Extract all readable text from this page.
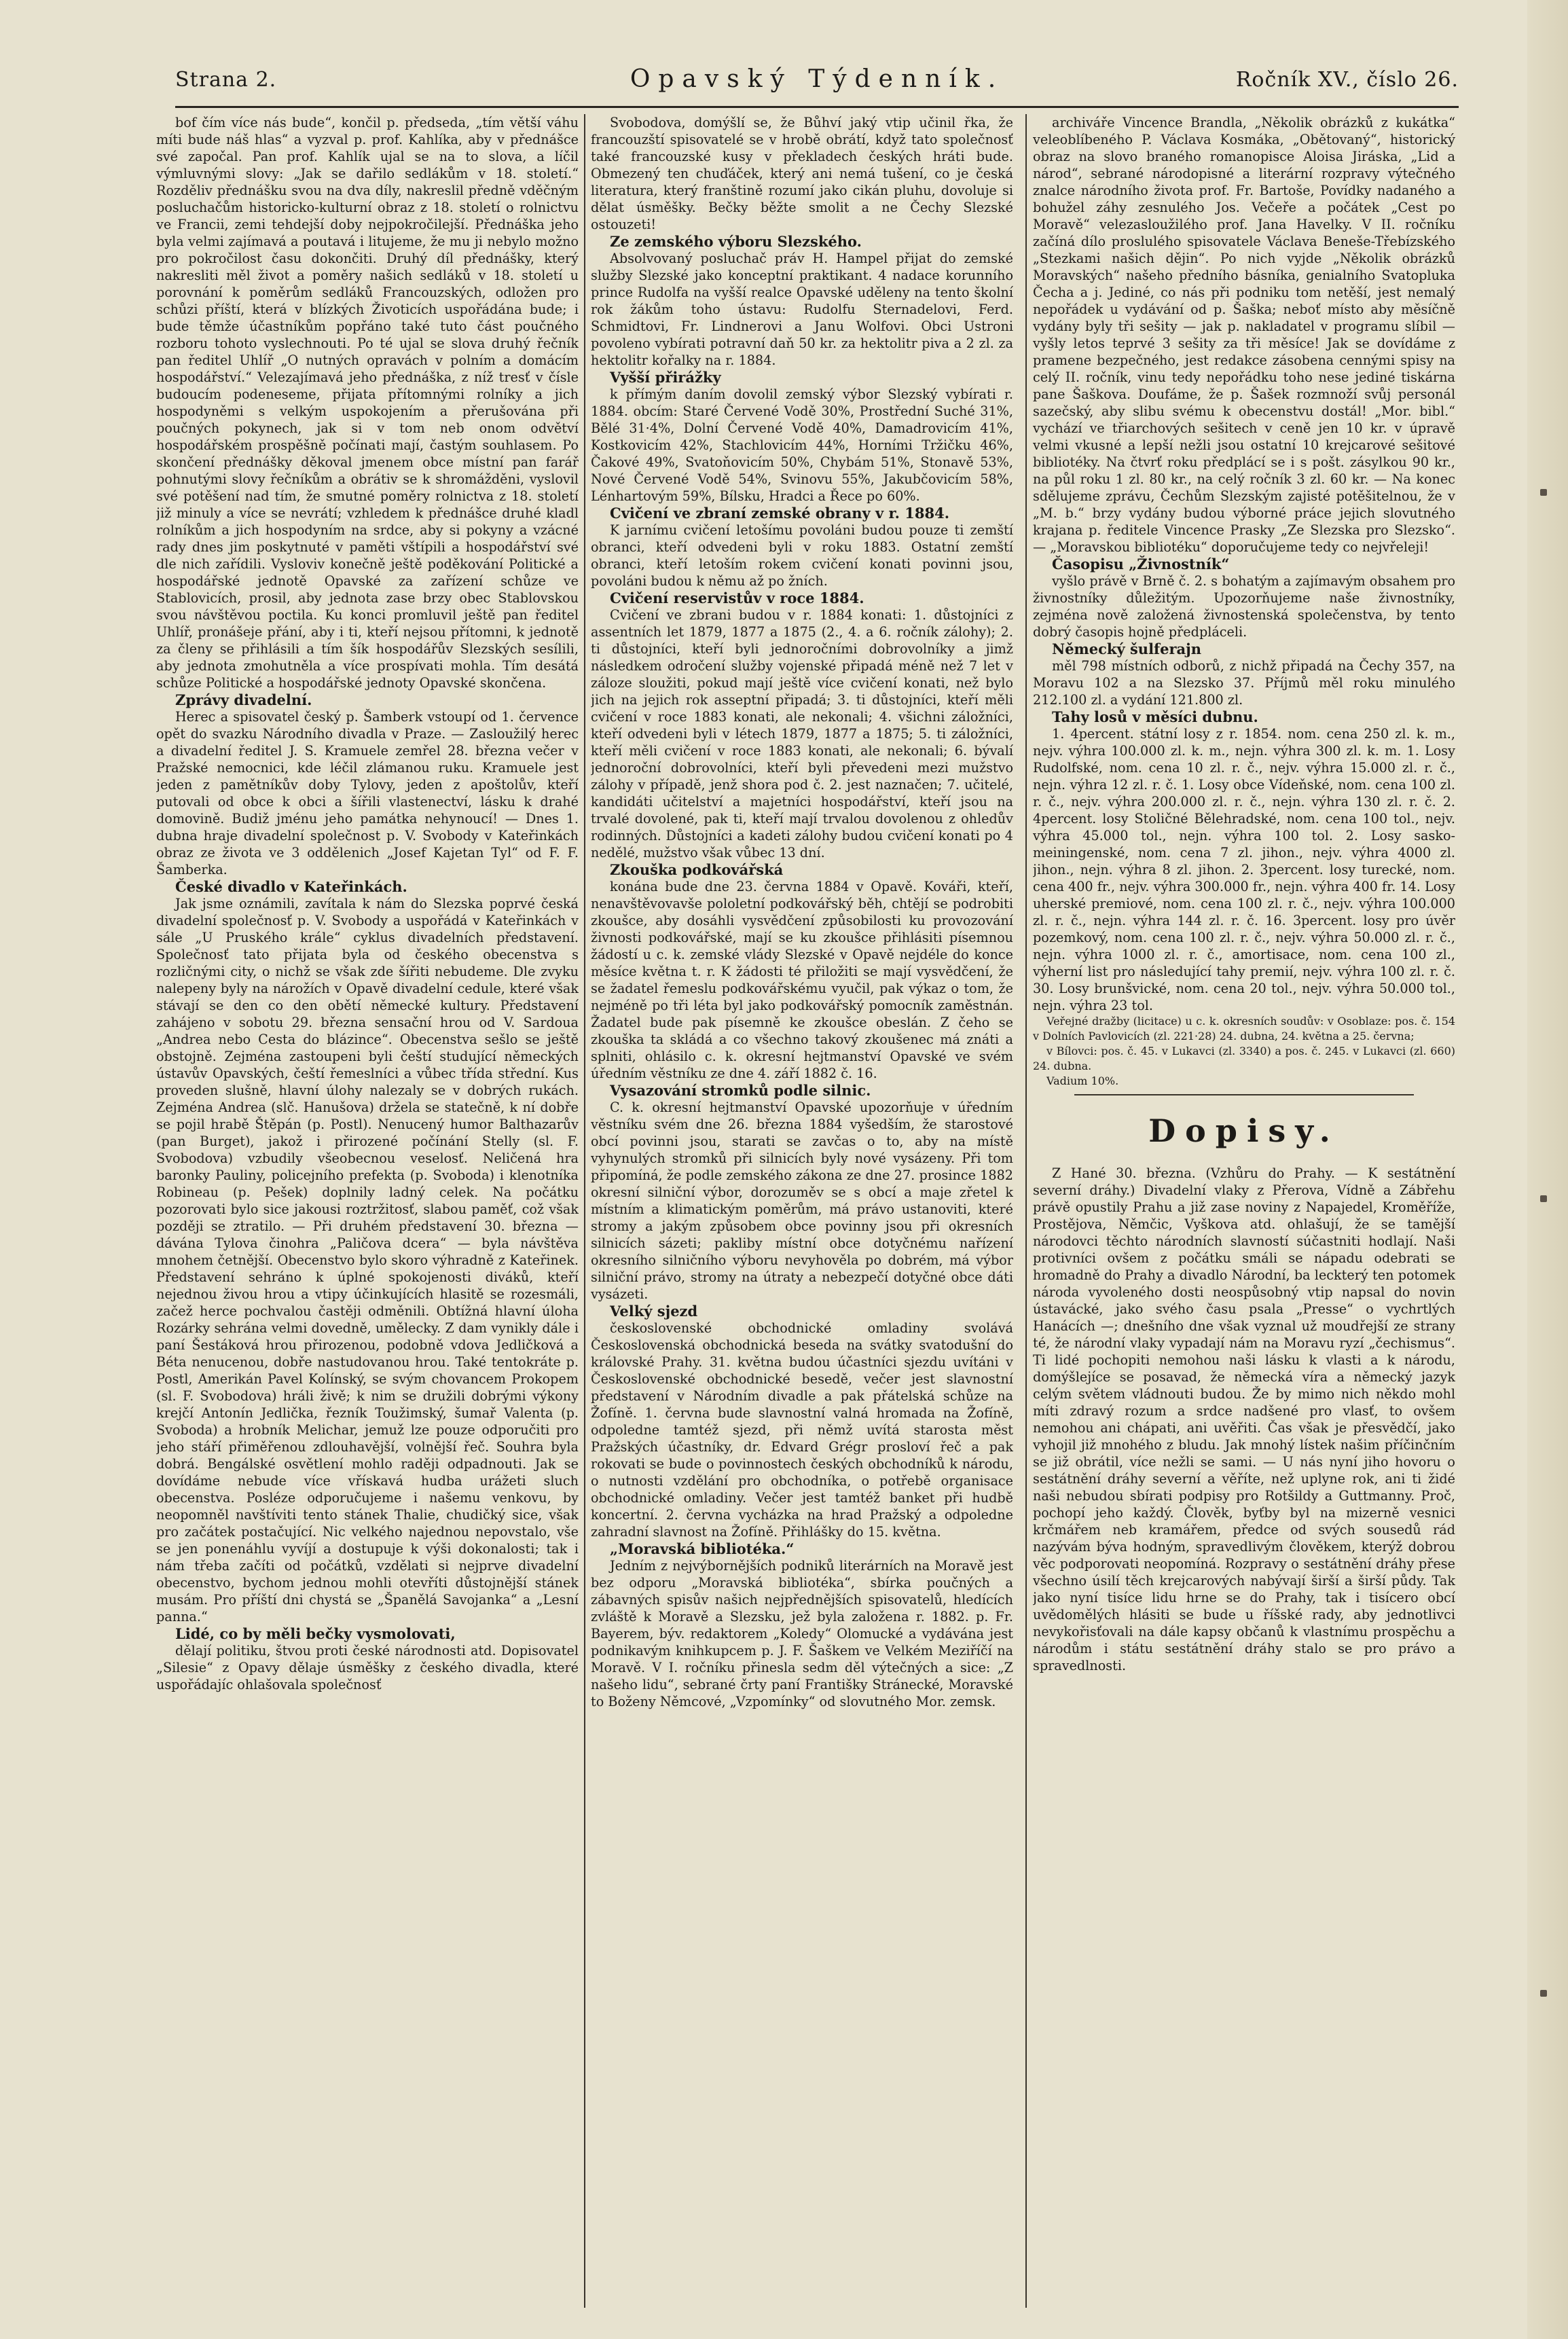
Strana 2.	Opavský Týdenník.	Ročník XV., číslo 26.

bof čím více nás bude“, končil p. předseda, „tím větší váhu míti bude náš hlas“ a vyzval p. prof. Kahlíka, aby v přednášce své započal. Pan prof. Kahlík ujal se na to slova, a líčil výmluvnými slovy: „Jak se dařilo sedlákům v 18. století.“ Rozděliv přednášku svou na dva díly, nakreslil předně vděčným posluchačům historicko-kulturní obraz z 18. století o rolnictvu ve Francii, zemi tehdejší doby nejpokročilejší. Přednáška jeho byla velmi zajímavá a poutavá i litujeme, že mu ji nebylo možno pro pokročilost času dokončiti. Druhý díl přednášky, který nakresliti měl život a poměry našich sedláků v 18. století u porovnání k poměrům sedláků Francouzských, odložen pro schůzi příští, která v blízkých Životicích uspořádána bude; i bude těmže účastníkům popřáno také tuto část poučného rozboru tohoto vyslechnouti. Po té ujal se slova druhý řečník pan ředitel Uhlíř „O nutných opravách v polním a domácím hospodářství.“ Velezajímavá jeho přednáška, z níž tresť v čísle budoucím podeneseme, přijata přítomnými rolníky a jich hospodyněmi s velkým uspokojením a přerušována při poučných pokynech, jak si v tom neb onom odvětví hospodářském prospěšně počínati mají, častým souhlasem. Po skončení přednášky děkoval jmenem obce místní pan farář pohnutými slovy řečníkům a obrátiv se k shromážděni, vyslovil své potěšení nad tím, že smutné poměry rolnictva z 18. století již minuly a více se nevrátí; vzhledem k přednášce druhé kladl rolníkům a jich hospodyním na srdce, aby si pokyny a vzácné rady dnes jim poskytnuté v paměti vštípili a hospodářství své dle nich zařídili. Vysloviv konečně ještě poděkování Politické a hospodářské jednotě Opavské za zařízení schůze ve Stablovicích, prosil, aby jednota zase brzy obec Stablovskou svou návštěvou poctila. Ku konci promluvil ještě pan ředitel Uhlíř, pronášeje přání, aby i ti, kteří nejsou přítomni, k jednotě za členy se přihlásili a tím šík hospodářův Slezských sesílili, aby jednota zmohutněla a více prospívati mohla. Tím desátá schůze Politické a hospodářské jednoty Opavské skončena.

Zprávy divadelní.

Herec a spisovatel český p. Šamberk vstoupí od 1. července opět do svazku Národního divadla v Praze. — Zasloužilý herec a divadelní ředitel J. S. Kramuele zemřel 28. března večer v Pražské nemocnici, kde léčil zlámanou ruku. Kramuele jest jeden z pamětníkův doby Tylovy, jeden z apoštolův, kteří putovali od obce k obci a šířili vlastenectví, lásku k drahé domovině. Budiž jménu jeho památka nehynoucí! — Dnes 1. dubna hraje divadelní společnost p. V. Svobody v Kateřinkách obraz ze života ve 3 oddělenich „Josef Kajetan Tyl“ od F. F. Šamberka.

České divadlo v Kateřinkách.

Jak jsme oznámili, zavítala k nám do Slezska poprvé česká divadelní společnosť p. V. Svobody a uspořádá v Kateřinkách v sále „U Pruského krále“ cyklus divadelních představení. Společnosť tato přijata byla od českého obecenstva s rozličnými city, o nichž se však zde šířiti nebudeme. Dle zvyku nalepeny byly na nárožích v Opavě divadelní cedule, které však stávají se den co den obětí německé kultury. Představení zahájeno v sobotu 29. března sensační hrou od V. Sardoua „Andrea nebo Cesta do blázince“. Obecenstva sešlo se ještě obstojně. Zejména zastoupeni byli čeští studující německých ústavův Opavských, čeští řemeslníci a vůbec třída střední. Kus proveden slušně, hlavní úlohy nalezaly se v dobrých rukách. Zejména Andrea (slč. Hanušova) držela se statečně, k ní dobře se pojil hrabě Štěpán (p. Postl). Nenucený humor Balthazarův (pan Burget), jakož i přirozené počínání Stelly (sl. F. Svobodova) vzbudily všeobecnou veselosť. Neličená hra baronky Pauliny, policejního prefekta (p. Svoboda) i klenotníka Robineau (p. Pešek) doplnily ladný celek. Na počátku pozorovati bylo sice jakousi roztržitosť, slabou paměť, což však později se ztratilo. — Při druhém představení 30. března — dávána Tylova činohra „Paličova dcera“ — byla návštěva mnohem četnější. Obecenstvo bylo skoro výhradně z Kateřinek. Představení sehráno k úplné spokojenosti diváků, kteří nejednou živou hrou a vtipy účinkujících hlasitě se rozesmáli, začež herce pochvalou častěji odměnili. Obtížná hlavní úloha Rozárky sehrána velmi dovedně, umělecky. Z dam vynikly dále i paní Šestáková hrou přirozenou, podobně vdova Jedličková a Béta nenucenou, dobře nastudovanou hrou. Také tentokráte p. Postl, Amerikán Pavel Kolínský, se svým chovancem Prokopem (sl. F. Svobodova) hráli živě; k nim se družili dobrými výkony krejčí Antonín Jedlička, řezník Toužimský, šumař Valenta (p. Svoboda) a hrobník Melichar, jemuž lze pouze odporučiti pro jeho stáří přiměřenou zdlouhavější, volnější řeč. Souhra byla dobrá. Bengálské osvětlení mohlo raději odpadnouti. Jak se dovídáme nebude více vřískavá hudba urážeti sluch obecenstva. Posléze odporučujeme i našemu venkovu, by neopomněl navštíviti tento stánek Thalie, chudičký sice, však pro začátek postačující. Nic velkého najednou nepovstalo, vše se jen ponenáhlu vyvíjí a dostupuje k výši dokonalosti; tak i nám třeba začíti od počátků, vzdělati si nejprve divadelní obecenstvo, bychom jednou mohli otevříti důstojnější stánek musám. Pro příští dni chystá se „Španělá Savojanka“ a „Lesní panna.“

Lidé, co by měli bečky vysmolovati,

dělají politiku, štvou proti české národnosti atd. Dopisovatel „Silesie“ z Opavy dělaje úsměšky z českého divadla, které uspořádajíc ohlašovala společnosť

Svobodova, domýšlí se, že Bůhví jaký vtip učinil řka, že francouzští spisovatelé se v hrobě obrátí, když tato společnosť také francouzské kusy v překladech českých hráti bude. Obmezený ten chuďáček, který ani nemá tušení, co je česká literatura, který franštině rozumí jako cikán pluhu, dovoluje si dělat úsměšky. Bečky běžte smolit a ne Čechy Slezské ostouzeti!

Ze zemského výboru Slezského.

Absolvovaný posluchač práv H. Hampel přijat do zemské služby Slezské jako konceptní praktikant. 4 nadace korunního prince Rudolfa na vyšší realce Opavské uděleny na tento školní rok žákům toho ústavu: Rudolfu Sternadelovi, Ferd. Schmidtovi, Fr. Lindnerovi a Janu Wolfovi. Obci Ustroni povoleno vybírati potravní daň 50 kr. za hektolitr piva a 2 zl. za hektolitr kořalky na r. 1884.

Vyšší přirážky

k přímým daním dovolil zemský výbor Slezský vybírati r. 1884. obcím: Staré Červené Vodě 30%, Prostřední Suché 31%, Bělé 31·4%, Dolní Červené Vodě 40%, Damadrovicím 41%, Kostkovicím 42%, Stachlovicím 44%, Horními Tržičku 46%, Čakové 49%, Svatoňovicím 50%, Chybám 51%, Stonavě 53%, Nové Červené Vodě 54%, Svinovu 55%, Jakubčovicím 58%, Lénhartovým 59%, Bílsku, Hradci a Řece po 60%.

Cvičení ve zbraní zemské obrany v r. 1884.

K jarnímu cvičení letošímu povoláni budou pouze ti zemští obranci, kteří odvedeni byli v roku 1883. Ostatní zemští obranci, kteří letoším rokem cvičení konati povinni jsou, povoláni budou k němu až po žních.

Cvičení reservistův v roce 1884.

Cvičení ve zbrani budou v r. 1884 konati: 1. důstojníci z assentních let 1879, 1877 a 1875 (2., 4. a 6. ročník zálohy); 2. ti důstojníci, kteří byli jednoročními dobrovolníky a jimž následkem odročení služby vojenské připadá méně než 7 let v záloze sloužiti, pokud mají ještě více cvičení konati, než bylo jich na jejich rok asseptní připadá; 3. ti důstojníci, kteří měli cvičení v roce 1883 konati, ale nekonali; 4. všichni záložníci, kteří odvedeni byli v létech 1879, 1877 a 1875; 5. ti záložníci, kteří měli cvičení v roce 1883 konati, ale nekonali; 6. bývalí jednoroční dobrovolníci, kteří byli převedeni mezi mužstvo zálohy v případě, jenž shora pod č. 2. jest naznačen; 7. učitelé, kandidáti učitelství a majetníci hospodářství, kteří jsou na trvalé dovolené, pak ti, kteří mají trvalou dovolenou z ohledův rodinných. Důstojníci a kadeti zálohy budou cvičení konati po 4 nedělé, mužstvo však vůbec 13 dní.

Zkouška podkovářská

konána bude dne 23. června 1884 v Opavě. Kováři, kteří, nenavštěvovavše pololetní podkovářský běh, chtějí se podrobiti zkoušce, aby dosáhli vysvědčení způsobilosti ku provozování živnosti podkovářské, mají se ku zkoušce přihlásiti písemnou žádostí u c. k. zemské vlády Slezské v Opavě nejdéle do konce měsíce května t. r. K žádosti té přiložiti se mají vysvědčení, že se žadatel řemeslu podkovářskému vyučil, pak výkaz o tom, že nejméně po tři léta byl jako podkovářský pomocník zaměstnán. Žadatel bude pak písemně ke zkoušce obeslán. Z čeho se zkouška ta skládá a co všechno takový zkoušenec má znáti a splniti, ohlásilo c. k. okresní hejtmanství Opavské ve svém úředním věstníku ze dne 4. září 1882 č. 16.

Vysazování stromků podle silnic.

C. k. okresní hejtmanství Opavské upozorňuje v úředním věstníku svém dne 26. března 1884 vyšedším, že starostové obcí povinni jsou, starati se zavčas o to, aby na místě vyhynulých stromků při silnicích byly nové vysázeny. Při tom připomíná, že podle zemského zákona ze dne 27. prosince 1882 okresní silniční výbor, dorozuměv se s obcí a maje zřetel k místním a klimatickým poměrům, má právo ustanoviti, které stromy a jakým způsobem obce povinny jsou při okresních silnicích sázeti; pakliby místní obce dotyčnému nařízení okresního silničního výboru nevyhověla po dobrém, má výbor silniční právo, stromy na útraty a nebezpečí dotyčné obce dáti vysázeti.

Velký sjezd

československé obchodnické omladiny svolává Československá obchodnická beseda na svátky svatodušní do královské Prahy. 31. května budou účastníci sjezdu uvítáni v Československé obchodnické besedě, večer jest slavnostní představení v Národním divadle a pak přátelská schůze na Žofíně. 1. června bude slavnostní valná hromada na Žofíně, odpoledne tamtéž sjezd, při němž uvítá starosta měst Pražských účastníky, dr. Edvard Grégr prosloví řeč a pak rokovati se bude o povinnostech českých obchodníků k národu, o nutnosti vzdělání pro obchodníka, o potřebě organisace obchodnické omladiny. Večer jest tamtéž banket při hudbě koncertní. 2. června vycházka na hrad Pražský a odpoledne zahradní slavnost na Žofíně. Přihlášky do 15. května.

„Moravská bibliotéka.“

Jedním z nejvýbornějších podniků literárních na Moravě jest bez odporu „Moravská bibliotéka“, sbírka poučných a zábavných spisův našich nejpřednějších spisovatelů, hledících zvláště k Moravě a Slezsku, jež byla založena r. 1882. p. Fr. Bayerem, býv. redaktorem „Koledy“ Olomucké a vydávána jest podnikavým knihkupcem p. J. F. Šaškem ve Velkém Meziříčí na Moravě. V I. ročníku přinesla sedm děl výtečných a sice: „Z našeho lidu“, sebrané črty paní Františky Stránecké, Moravské to Boženy Němcové, „Vzpomínky“ od slovutného Mor. zemsk.

archiváře Vincence Brandla, „Několik obrázků z kukátka“ veleoblíbeného P. Václava Kosmáka, „Obětovaný“, historický obraz na slovo braného romanopisce Aloisa Jiráska, „Lid a národ“, sebrané národopisné a literární rozpravy výtečného znalce národního života prof. Fr. Bartoše, Povídky nadaného a bohužel záhy zesnulého Jos. Večeře a počátek „Cest po Moravě“ velezasloužilého prof. Jana Havelky. V II. ročníku začíná dílo proslulého spisovatele Václava Beneše-Třebízského „Stezkami našich dějin“. Po nich vyjde „Několik obrázků Moravských“ našeho předního básníka, genialního Svatopluka Čecha a j. Jediné, co nás při podniku tom netěší, jest nemalý nepořádek u vydávání od p. Šaška; neboť místo aby měsíčně vydány byly tři sešity — jak p. nakladatel v programu slíbil — vyšly letos teprvé 3 sešity za tři měsíce! Jak se dovídáme z pramene bezpečného, jest redakce zásobena cennými spisy na celý II. ročník, vinu tedy nepořádku toho nese jediné tiskárna pane Šaškova. Doufáme, že p. Šašek rozmnoží svůj personál sazečský, aby slibu svému k obecenstvu dostál! „Mor. bibl.“ vychází ve třiarchových sešitech v ceně jen 10 kr. v úpravě velmi vkusné a lepší nežli jsou ostatní 10 krejcarové sešitové bibliotéky. Na čtvrť roku předplácí se i s pošt. zásylkou 90 kr., na půl roku 1 zl. 80 kr., na celý ročník 3 zl. 60 kr. — Na konec sdělujeme zprávu, Čechům Slezským zajisté potěšitelnou, že v „M. b.“ brzy vydány budou výborné práce jejich slovutného krajana p. ředitele Vincence Prasky „Ze Slezska pro Slezsko“. — „Moravskou bibliotéku“ doporučujeme tedy co nejvřeleji!

Časopisu „Živnostník“

vyšlo právě v Brně č. 2. s bohatým a zajímavým obsahem pro živnostníky důležitým. Upozorňujeme naše živnostníky, zejména nově založená živnostenská společenstva, by tento dobrý časopis hojně předpláceli.

Německý šulferajn

měl 798 místních odborů, z nichž připadá na Čechy 357, na Moravu 102 a na Slezsko 37. Příjmů měl roku minulého 212.100 zl. a vydání 121.800 zl.

Tahy losů v měsíci dubnu.

1. 4percent. státní losy z r. 1854. nom. cena 250 zl. k. m., nejv. výhra 100.000 zl. k. m., nejn. výhra 300 zl. k. m. 1. Losy Rudolfské, nom. cena 10 zl. r. č., nejv. výhra 15.000 zl. r. č., nejn. výhra 12 zl. r. č. 1. Losy obce Vídeňské, nom. cena 100 zl. r. č., nejv. výhra 200.000 zl. r. č., nejn. výhra 130 zl. r. č. 2. 4percent. losy Stoličné Bělehradské, nom. cena 100 tol., nejv. výhra 45.000 tol., nejn. výhra 100 tol. 2. Losy sasko-meiningenské, nom. cena 7 zl. jihon., nejv. výhra 4000 zl. jihon., nejn. výhra 8 zl. jihon. 2. 3percent. losy turecké, nom. cena 400 fr., nejv. výhra 300.000 fr., nejn. výhra 400 fr. 14. Losy uherské premiové, nom. cena 100 zl. r. č., nejv. výhra 100.000 zl. r. č., nejn. výhra 144 zl. r. č. 16. 3percent. losy pro úvěr pozemkový, nom. cena 100 zl. r. č., nejv. výhra 50.000 zl. r. č., nejn. výhra 1000 zl. r. č., amortisace, nom. cena 100 zl., výherní list pro následující tahy premií, nejv. výhra 100 zl. r. č. 30. Losy brunšvické, nom. cena 20 tol., nejv. výhra 50.000 tol., nejn. výhra 23 tol.

Veřejné dražby (licitace) u c. k. okresních soudův: v Osoblaze: pos. č. 154 v Dolních Pavlovicích (zl. 221·28) 24. dubna, 24. května a 25. června;

v Bílovci: pos. č. 45. v Lukavci (zl. 3340) a pos. č. 245. v Lukavci (zl. 660) 24. dubna.

Vadium 10%.

Dopisy.

Z Hané 30. března. (Vzhůru do Prahy. — K sestátnění severní dráhy.) Divadelní vlaky z Přerova, Vídně a Zábřehu právě opustily Prahu a již zase noviny z Napajedel, Kroměříže, Prostějova, Němčic, Vyškova atd. ohlašují, že se tamější národovci těchto národních slavností súčastniti hodlají. Naši protivníci ovšem z počátku smáli se nápadu odebrati se hromadně do Prahy a divadlo Národní, ba leckterý ten potomek národa vyvoleného dosti neospůsobný vtip napsal do novin ústavácké, jako svého času psala „Presse“ o vychrtlých Hanácích —; dnešního dne však vyznal už moudřejší ze strany té, že národní vlaky vypadají nám na Moravu ryzí „čechismus“. Ti lidé pochopiti nemohou naši lásku k vlasti a k národu, domýšlejíce se posavad, že německá víra a německý jazyk celým světem vládnouti budou. Že by mimo nich někdo mohl míti zdravý rozum a srdce nadšené pro vlasť, to ovšem nemohou ani chápati, ani uvěřiti. Čas však je přesvědčí, jako vyhojil již mnohého z bludu. Jak mnohý lístek našim příčinčním se již obrátil, více nežli se sami. — U nás nyní jiho hovoru o sestátnění dráhy severní a věříte, než uplyne rok, ani ti židé naši nebudou sbírati podpisy pro Rotšildy a Guttmanny. Proč, pochopí jeho každý. Člověk, byťby byl na mizerně vesnici krčmářem neb kramářem, předce od svých sousedů rád nazývám býva hodným, spravedlivým člověkem, kterýž dobrou věc podporovati neopomíná. Rozpravy o sestátnění dráhy přese všechno úsilí těch krejcarových nabývají širší a širší půdy. Tak jako nyní tisíce lidu hrne se do Prahy, tak i tisícero obcí uvědomělých hlásiti se bude u říšské rady, aby jednotlivci nevykořisťovali na dále kapsy občanů k vlastnímu prospěchu a národům i státu sestátnění dráhy stalo se pro právo a spravedlnosti.
